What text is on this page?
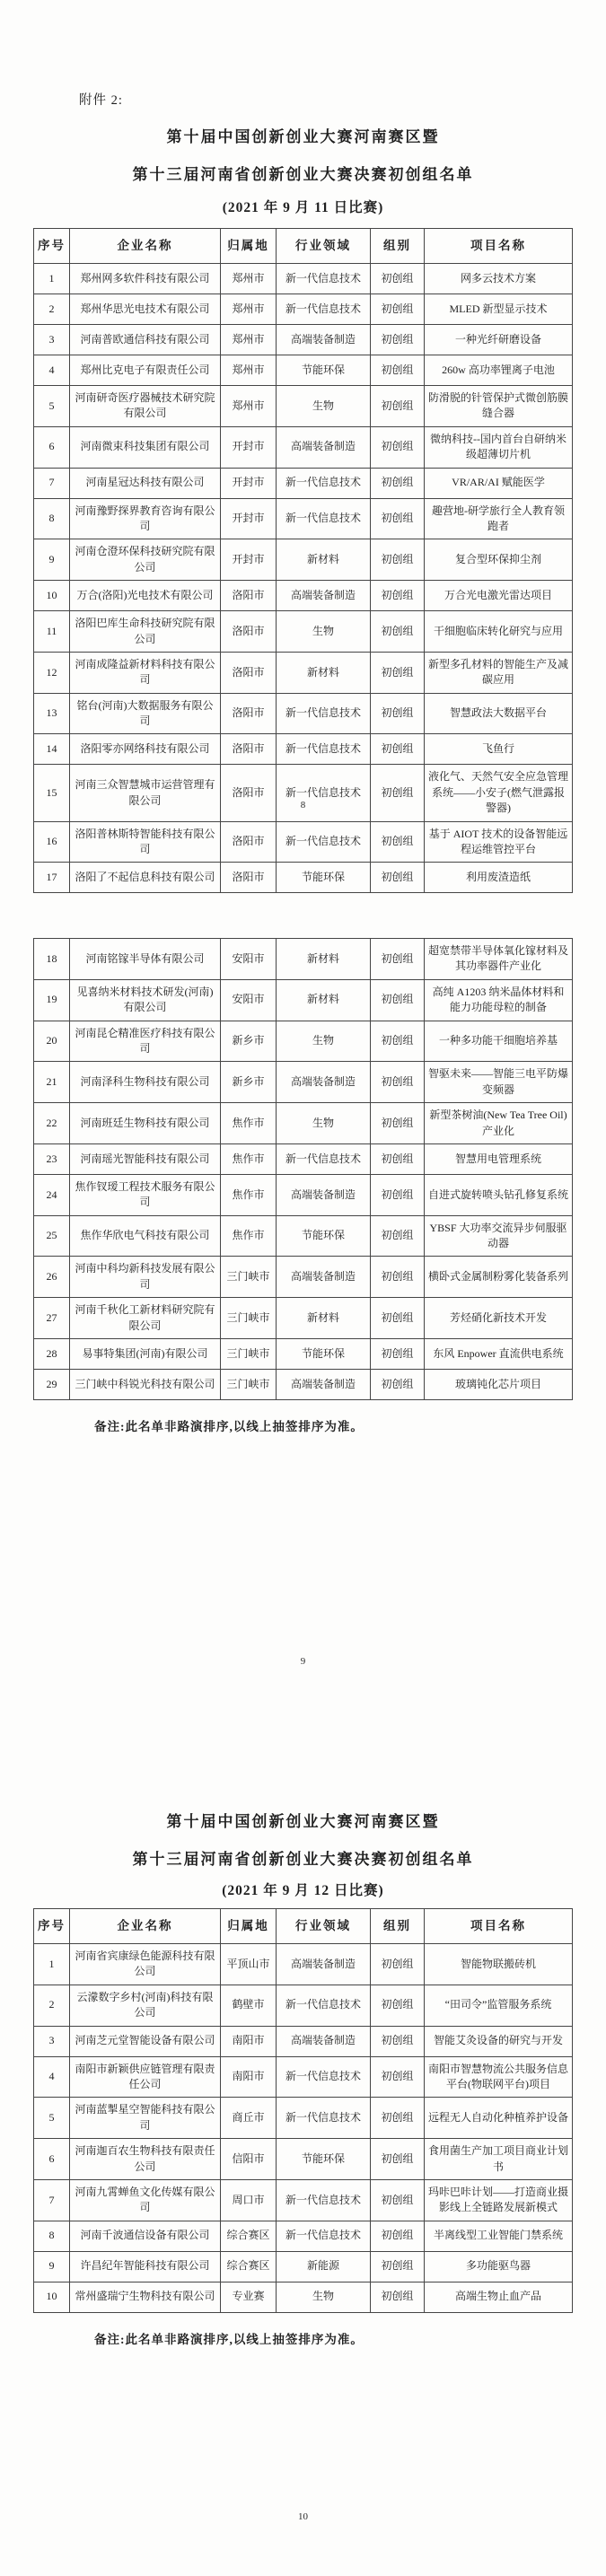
附件 2:
第十届中国创新创业大赛河南赛区暨
第十三届河南省创新创业大赛决赛初创组名单
(2021 年 9 月 11 日比赛)
序号	企业名称	归属地	行业领域	组别	项目名称
1	郑州网多软件科技有限公司	郑州市	新一代信息技术	初创组	网多云技术方案
2	郑州华思光电技术有限公司	郑州市	新一代信息技术	初创组	MLED 新型显示技术
3	河南普欧通信科技有限公司	郑州市	高端装备制造	初创组	一种光纤研磨设备
4	郑州比克电子有限责任公司	郑州市	节能环保	初创组	260w 高功率锂离子电池
5	河南研奇医疗器械技术研究院有限公司	郑州市	生物	初创组	防滑脱的针管保护式微创筋膜缝合器
6	河南微束科技集团有限公司	开封市	高端装备制造	初创组	微纳科技--国内首台自研纳米级超薄切片机
7	河南星冠达科技有限公司	开封市	新一代信息技术	初创组	VR/AR/AI 赋能医学
8	河南豫野探界教育咨询有限公司	开封市	新一代信息技术	初创组	趣营地-研学旅行全人教育领跑者
9	河南仓澄环保科技研究院有限公司	开封市	新材料	初创组	复合型环保抑尘剂
10	万合(洛阳)光电技术有限公司	洛阳市	高端装备制造	初创组	万合光电激光雷达项目
11	洛阳巴库生命科技研究院有限公司	洛阳市	生物	初创组	干细胞临床转化研究与应用
12	河南成隆益新材料科技有限公司	洛阳市	新材料	初创组	新型多孔材料的智能生产及减碳应用
13	铭台(河南)大数据服务有限公司	洛阳市	新一代信息技术	初创组	智慧政法大数据平台
14	洛阳零亦网络科技有限公司	洛阳市	新一代信息技术	初创组	飞鱼行
15	河南三众智慧城市运营管理有限公司	洛阳市	新一代信息技术	初创组	液化气、天然气安全应急管理系统——小安子(燃气泄露报警器)
16	洛阳普林斯特智能科技有限公司	洛阳市	新一代信息技术	初创组	基于 AIOT 技术的设备智能远程运维管控平台
17	洛阳了不起信息科技有限公司	洛阳市	节能环保	初创组	利用废渣造纸
8
18	河南铭镓半导体有限公司	安阳市	新材料	初创组	超宽禁带半导体氧化镓材料及其功率器件产业化
19	见喜纳米材料技术研发(河南)有限公司	安阳市	新材料	初创组	高纯 A1203 纳米晶体材料和能力功能母粒的制备
20	河南昆仑精准医疗科技有限公司	新乡市	生物	初创组	一种多功能干细胞培养基
21	河南泽科生物科技有限公司	新乡市	高端装备制造	初创组	智驱未来——智能三电平防爆变频器
22	河南班廷生物科技有限公司	焦作市	生物	初创组	新型茶树油(New Tea Tree Oil)产业化
23	河南瑶光智能科技有限公司	焦作市	新一代信息技术	初创组	智慧用电管理系统
24	焦作钗瑷工程技术服务有限公司	焦作市	高端装备制造	初创组	自进式旋转喷头钻孔修复系统
25	焦作华欣电气科技有限公司	焦作市	节能环保	初创组	YBSF 大功率交流异步伺服驱动器
26	河南中科均新科技发展有限公司	三门峡市	高端装备制造	初创组	横卧式金属制粉雾化装备系列
27	河南千秋化工新材料研究院有限公司	三门峡市	新材料	初创组	芳烃硝化新技术开发
28	易事特集团(河南)有限公司	三门峡市	节能环保	初创组	东风 Enpower 直流供电系统
29	三门峡中科锐光科技有限公司	三门峡市	高端装备制造	初创组	玻璃钝化芯片项目
备注:此名单非路演排序,以线上抽签排序为准。
9
第十届中国创新创业大赛河南赛区暨
第十三届河南省创新创业大赛决赛初创组名单
(2021 年 9 月 12 日比赛)
序号	企业名称	归属地	行业领域	组别	项目名称
1	河南省宾康绿色能源科技有限公司	平顶山市	高端装备制造	初创组	智能物联搬砖机
2	云濛数字乡村(河南)科技有限公司	鹤壁市	新一代信息技术	初创组	“田司令”监管服务系统
3	河南芝元堂智能设备有限公司	南阳市	高端装备制造	初创组	智能艾灸设备的研究与开发
4	南阳市新颖供应链管理有限责任公司	南阳市	新一代信息技术	初创组	南阳市智慧物流公共服务信息平台(物联网平台)项目
5	河南蓝掣星空智能科技有限公司	商丘市	新一代信息技术	初创组	远程无人自动化种植养护设备
6	河南迦百农生物科技有限责任公司	信阳市	节能环保	初创组	食用菌生产加工项目商业计划书
7	河南九霄蝉鱼文化传媒有限公司	周口市	新一代信息技术	初创组	玛咔巴咔计划——打造商业摄影线上全链路发展新模式
8	河南千波通信设备有限公司	综合赛区	新一代信息技术	初创组	半离线型工业智能门禁系统
9	许昌纪年智能科技有限公司	综合赛区	新能源	初创组	多功能驱鸟器
10	常州盛瑞宁生物科技有限公司	专业赛	生物	初创组	高端生物止血产品
备注:此名单非路演排序,以线上抽签排序为准。
10
